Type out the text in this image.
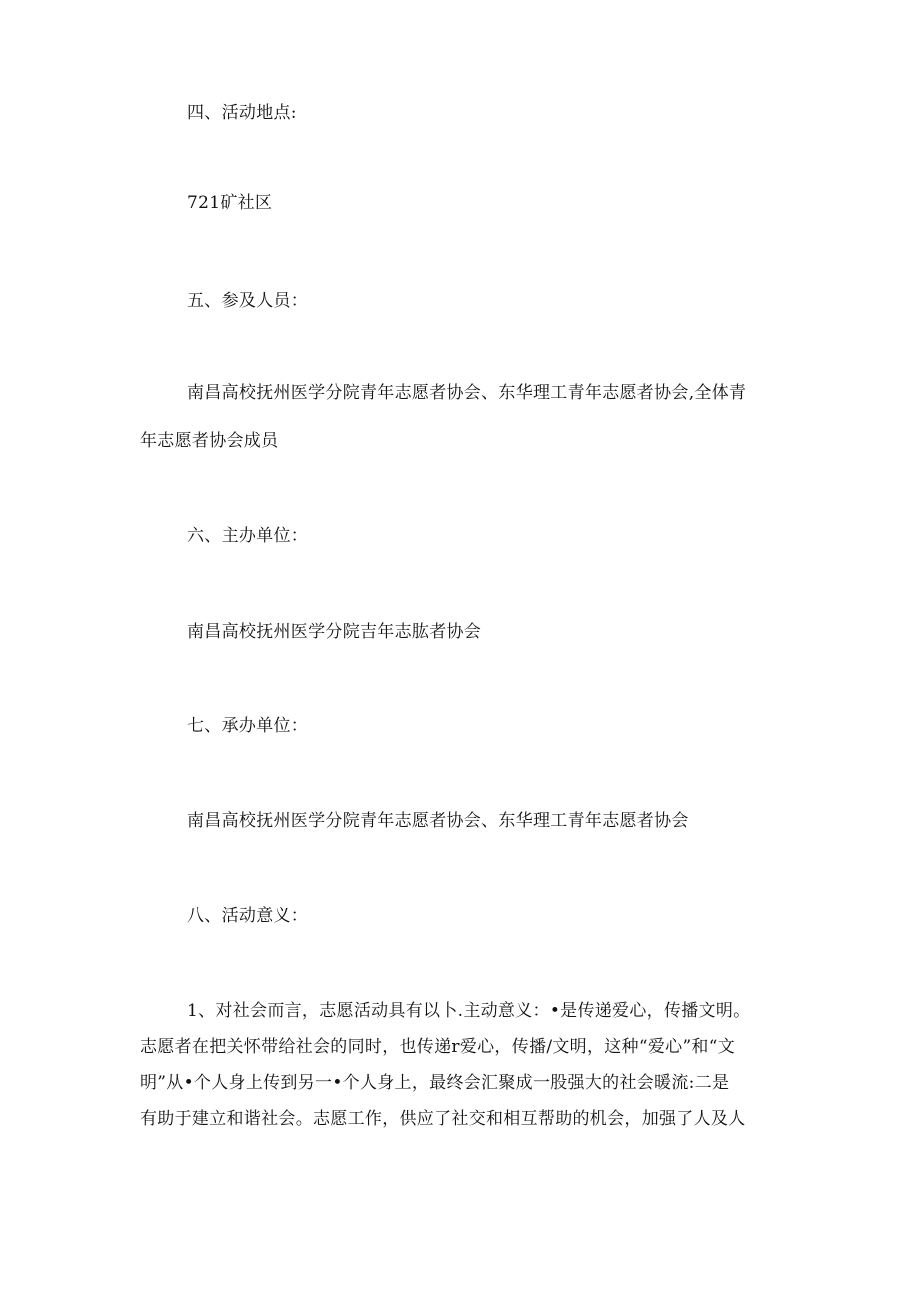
四、活动地点:
721矿社区
五、参及人员：
南昌高校抚州医学分院青年志愿者协会、东华理工青年志愿者协会,全体青
年志愿者协会成员
六、主办单位：
南昌高校抚州医学分院吉年志肱者协会
七、承办单位：
南昌高校抚州医学分院青年志愿者协会、东华理工青年志愿者协会
八、活动意义：
1、对社会而言，志愿活动具有以卜.主动意义：•是传递爱心，传播文明。
志愿者在把关怀带给社会的同时，也传递r爱心，传播/文明，这种“爱心”和“文
明”从•个人身上传到另一•个人身上，最终会汇聚成一股强大的社会暖流:二是
有助于建立和谐社会。志愿工作，供应了社交和相互帮助的机会，加强了人及人
